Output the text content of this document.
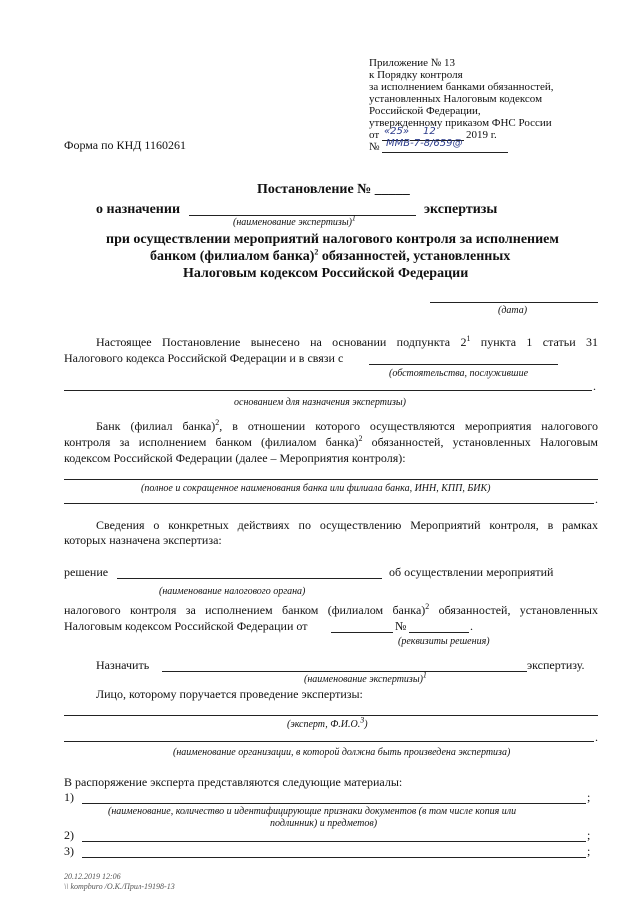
Приложение № 13
к Порядку контроля
за исполнением банками обязанностей,
установленных Налоговым кодексом
Российской Федерации,
утвержденному приказом ФНС России
от «25» 12	2019 г.
№ ММВ-7-8/659@
Форма по КНД 1160261
Постановление № _____
о назначении	экспертизы
(наименование экспертизы)$^1$
при осуществлении мероприятий налогового контроля за исполнением
банком (филиалом банка)$^2$ обязанностей, установленных
Налоговым кодексом Российской Федерации
(дата)
Настоящее Постановление вынесено на основании подпункта $2^1$ пункта 1 статьи 31
Налогового кодекса Российской Федерации и в связи с
(обстоятельства, послужившие
.
основанием для назначения экспертизы)
Банк (филиал банка)$^2$, в отношении которого осуществляются мероприятия налогового
контроля за исполнением банком (филиалом банка)$^2$ обязанностей, установленных Налоговым
кодексом Российской Федерации (далее – Мероприятия контроля):
(полное и сокращенное наименования банка или филиала банка, ИНН, КПП, БИК)
.
Сведения о конкретных действиях по осуществлению Мероприятий контроля, в рамках
которых назначена экспертиза:
решение	об осуществлении мероприятий
(наименование налогового органа)
налогового контроля за исполнением банком (филиалом банка)$^2$ обязанностей, установленных
Налоговым кодексом Российской Федерации от	№	.
(реквизиты решения)
Назначить	экспертизу.
(наименование экспертизы)$^1$
Лицо, которому поручается проведение экспертизы:
(эксперт, Ф.И.О.$^3$)
.
(наименование организации, в которой должна быть произведена экспертиза)
В распоряжение эксперта представляются следующие материалы:
1)	;
(наименование, количество и идентифицирующие признаки документов (в том числе копия или
подлинник) и предметов)
2)	;
3)	;
20.12.2019 12:06
\\ kompburo /О.К./Прил-19198-13
